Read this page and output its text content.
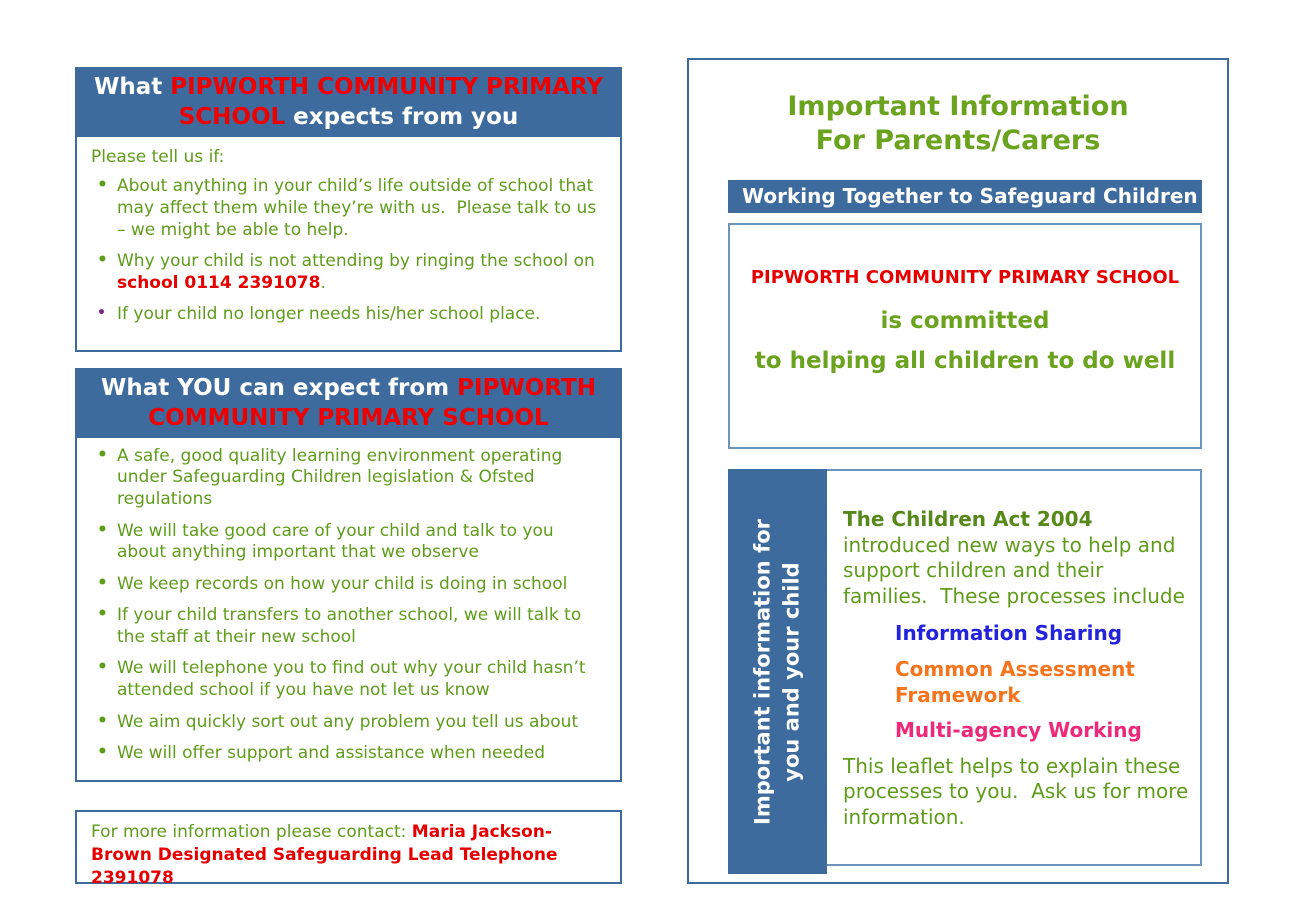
What PIPWORTH COMMUNITY PRIMARY SCHOOL expects from you

Please tell us if:

• About anything in your child’s life outside of school that may affect them while they’re with us.  Please talk to us – we might be able to help.
• Why your child is not attending by ringing the school on school 0114 2391078.
• If your child no longer needs his/her school place.
What YOU can expect from PIPWORTH COMMUNITY PRIMARY SCHOOL
• A safe, good quality learning environment operating under Safeguarding Children legislation & Ofsted regulations
• We will take good care of your child and talk to you about anything important that we observe
• We keep records on how your child is doing in school
• If your child transfers to another school, we will talk to the staff at their new school
• We will telephone you to find out why your child hasn’t attended school if you have not let us know
• We aim quickly sort out any problem you tell us about
• We will offer support and assistance when needed

For more information please contact: Maria Jackson-Brown Designated Safeguarding Lead Telephone 2391078

Important Information
For Parents/Carers
Working Together to Safeguard Children

PIPWORTH COMMUNITY PRIMARY SCHOOL

is committed

to helping all children to do well

Important information for you and your child

The Children Act 2004 introduced new ways to help and support children and their families.  These processes include

Information Sharing

Common Assessment Framework

Multi-agency Working

This leaflet helps to explain these processes to you.  Ask us for more information.
